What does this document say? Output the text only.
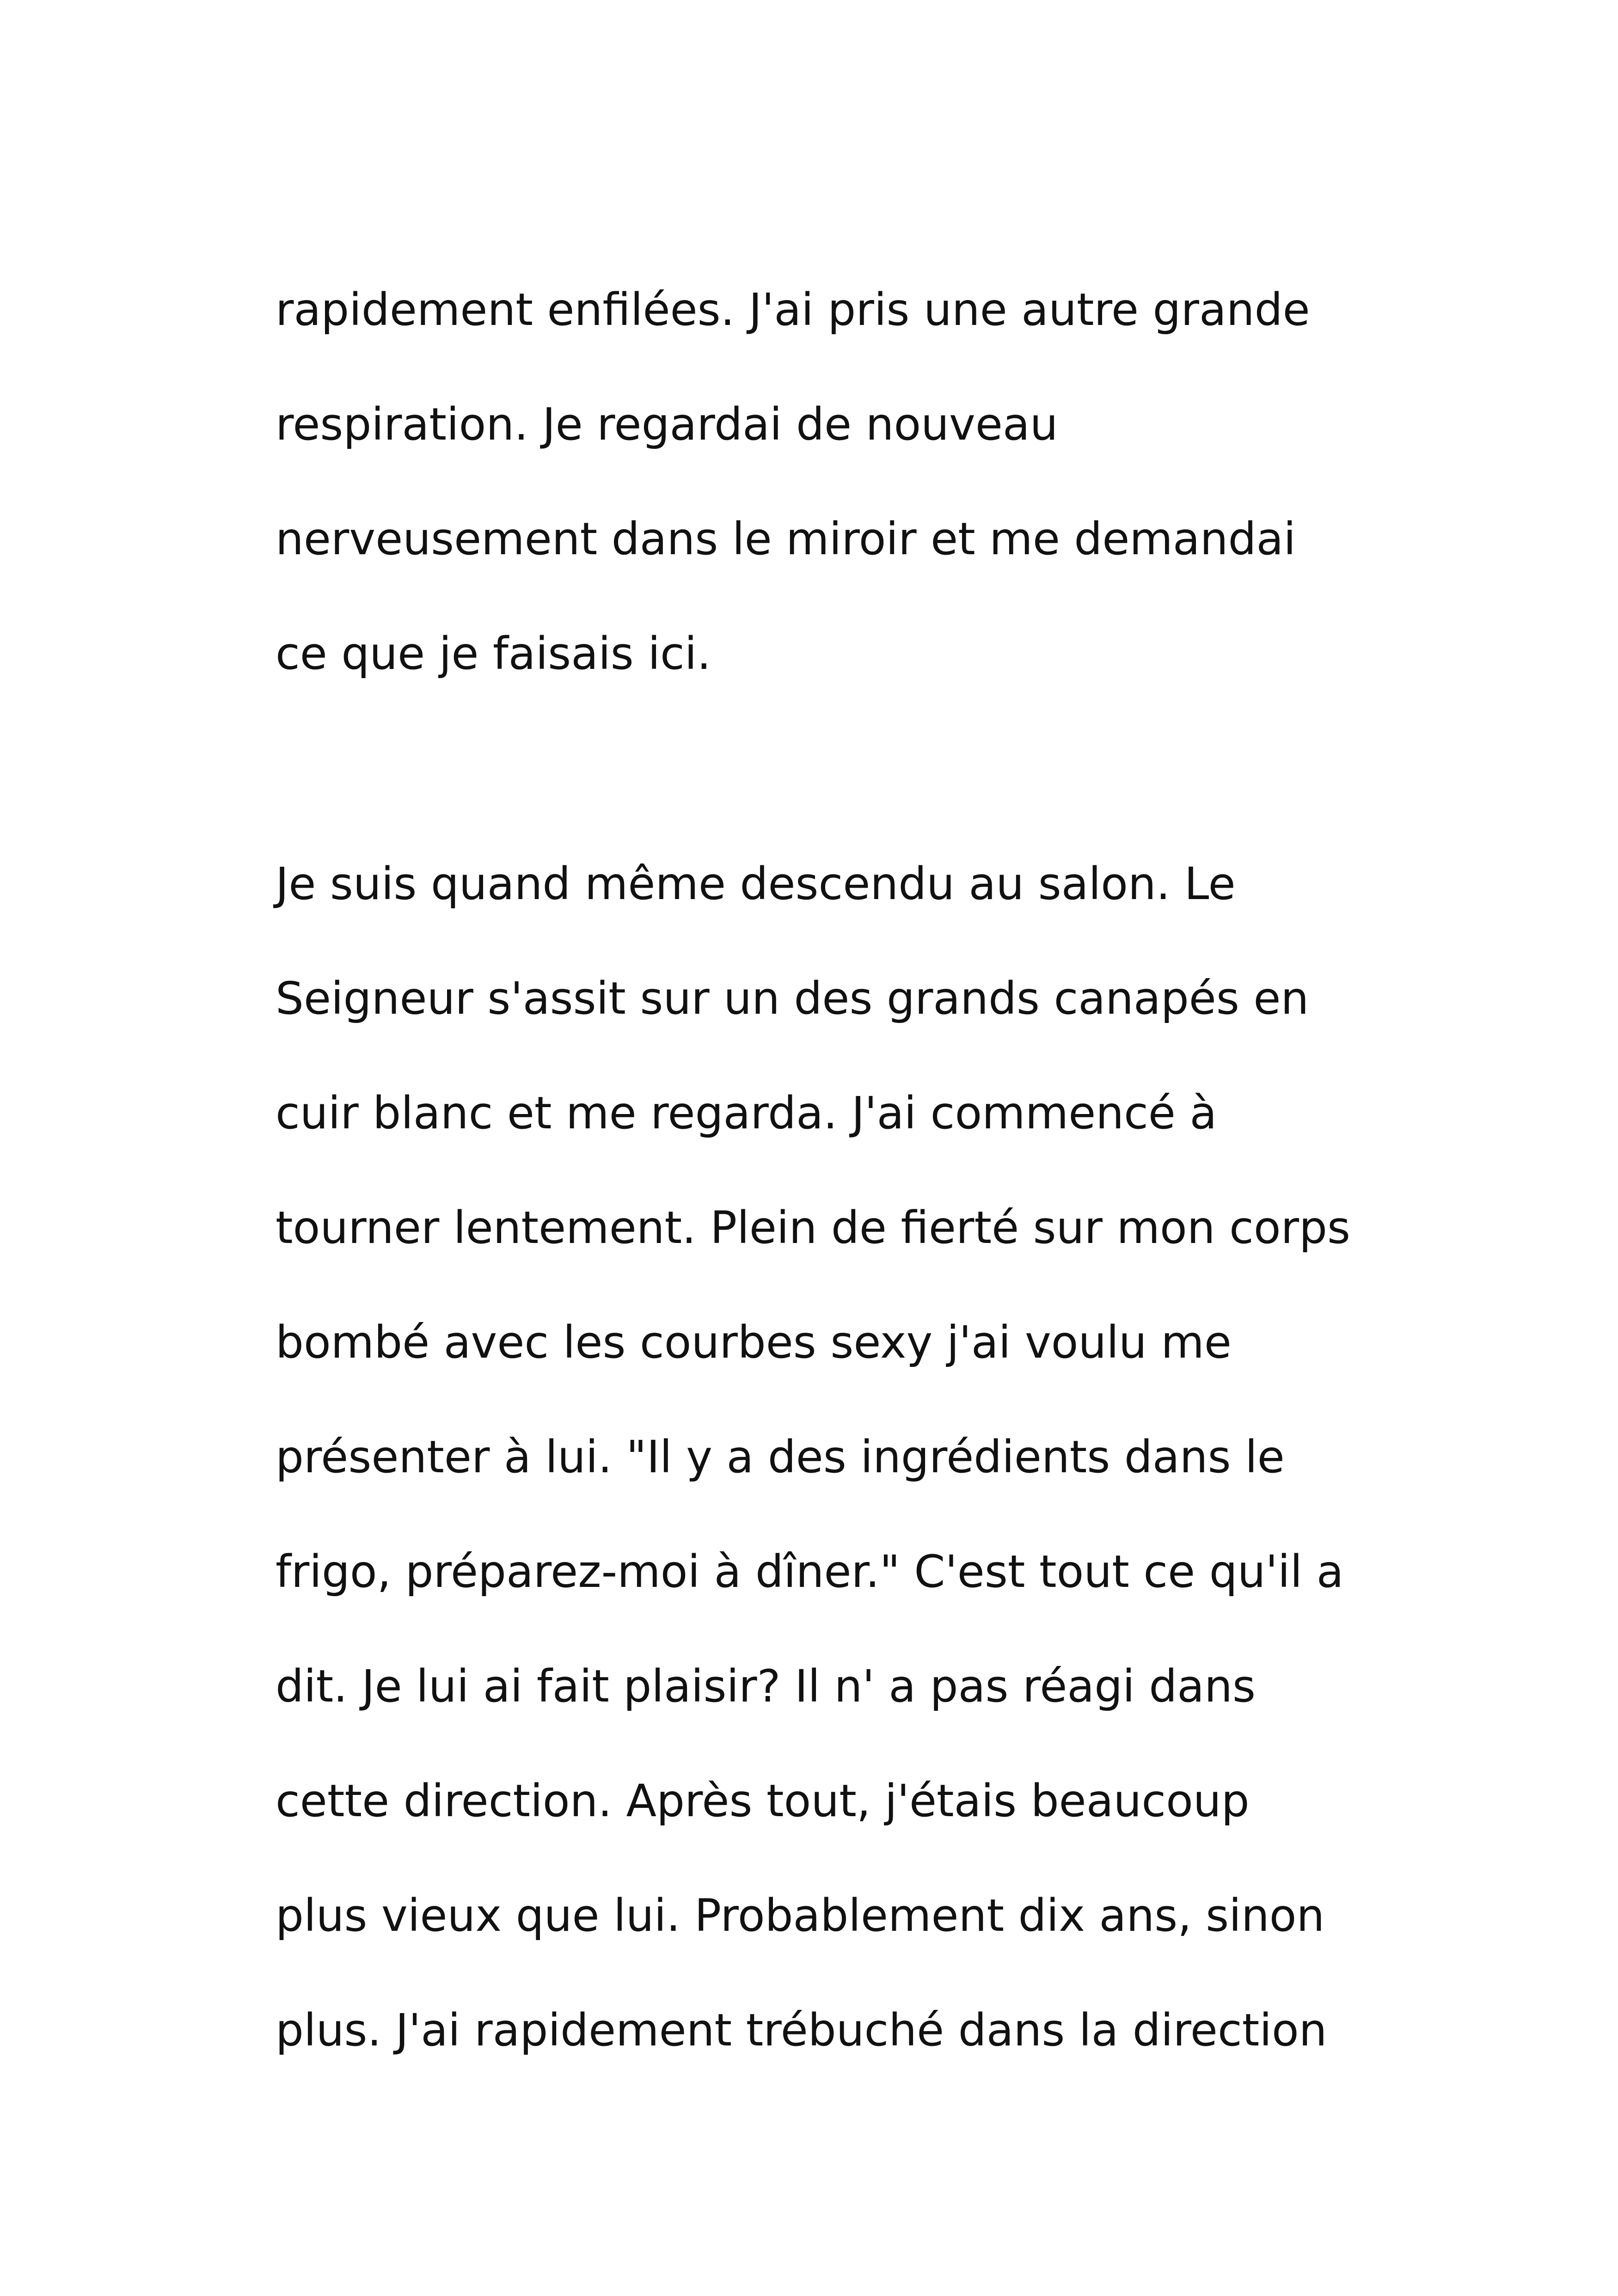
rapidement enfilées. J'ai pris une autre grande
respiration. Je regardai de nouveau
nerveusement dans le miroir et me demandai
ce que je faisais ici.
Je suis quand même descendu au salon. Le
Seigneur s'assit sur un des grands canapés en
cuir blanc et me regarda. J'ai commencé à
tourner lentement. Plein de fierté sur mon corps
bombé avec les courbes sexy j'ai voulu me
présenter à lui. "Il y a des ingrédients dans le
frigo, préparez-moi à dîner." C'est tout ce qu'il a
dit. Je lui ai fait plaisir? Il n' a pas réagi dans
cette direction. Après tout, j'étais beaucoup
plus vieux que lui. Probablement dix ans, sinon
plus. J'ai rapidement trébuché dans la direction
